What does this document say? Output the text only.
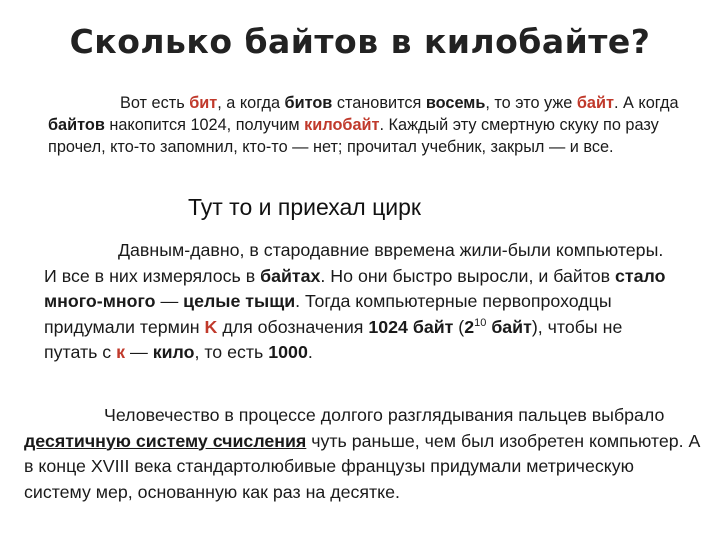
Сколько байтов в килобайте?

Вот есть бит, а когда битов становится восемь, то это уже байт. А когда байтов накопится 1024, получим килобайт. Каждый эту смертную скуку по разу прочел, кто-то запомнил, кто-то — нет; прочитал учебник, закрыл — и все.

Тут то и приехал цирк

Давным-давно, в стародавние ввремена жили-были компьютеры. И все в них измерялось в байтах. Но они быстро выросли, и байтов стало много-много — целые тыщи. Тогда компьютерные первопроходцы придумали термин K для обозначения 1024 байт ($2^{10}$ байт), чтобы не путать с к — кило, то есть 1000.

Человечество в процессе долгого разглядывания пальцев выбрало десятичную систему счисления чуть раньше, чем был изобретен компьютер. А в конце XVIII века стандартолюбивые французы придумали метрическую систему мер, основанную как раз на десятке.
